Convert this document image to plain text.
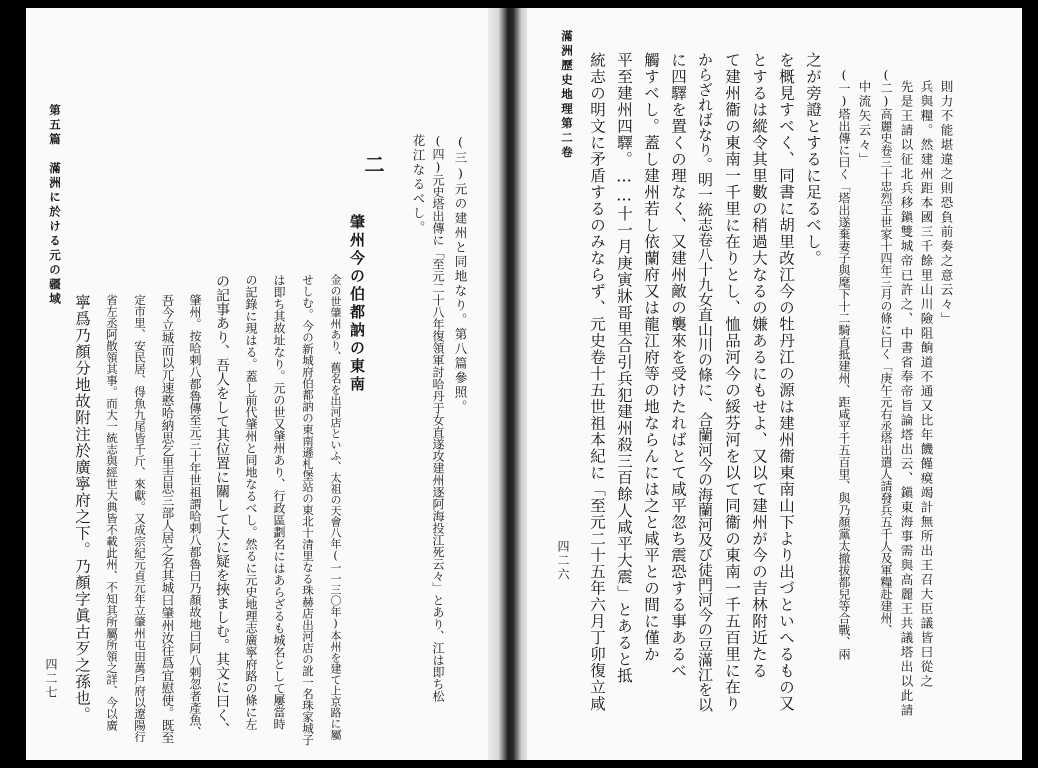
(三)元の建州と同地なり。第八篇參照。
(四)元史塔出傳に「至元二十八年復領軍討哈丹于女直遂攻建州逐阿海投江死云々」とあり、江は即ち松
花江なるべし。
二
肇州今の伯都訥の東南
金の世肇州あり、舊名を出河店といふ、太祖の天會八年(一一三〇年)本州を建て上京路に屬
せしむ。今の新城府伯都訥の東南遜札堡站の東北十清里なる珠赫店出河店の訛一名珠家城子
は即ち其故址なり。元の世又肇州あり、行政區劃名にはあらざるも城名として屢當時
の記錄に現はる。蓋し前代肇州と同地なるべし。然るに元史地理志廣寧府路の條に左
の記事あり、吾人をして其位置に關して大に疑を挾ましむ。其文に曰く、
肇州。按哈剌八都魯傳至元三十年世祖謂哈剌八都魯曰乃顏故地曰阿八剌忽者產魚、
吾今立城而以兀速憨哈納思乞里吉思三部人居之名其城曰肇州汝往爲宜慰使。既至
定市里、安民居、得魚九尾皆千斤、來獻。又成宗紀元貞元年立肇州屯田萬戶府以遼陽行
省左丞阿散領其事。而大一統志與經世大典皆不載此州、不知其所屬所領之詳、今以廣
寧爲乃顏分地故附注於廣寧府之下。乃顏字眞古歹之孫也。
第五篇　滿洲に於ける元の疆域
四二七
滿洲歷史地理第二卷
四二六 統志の明文に矛盾するのみならず、元史卷十五世祖本紀に「至元二十五年六月丁卯復立咸 平至建州四驛。……十一月庚寅牀哥里合引兵犯建州殺三百餘人咸平大震」とあると抵 觸すべし。蓋し建州若し依蘭府又は龍江府等の地ならんには之と咸平との間に僅か に四驛を置くの理なく、又建州敵の襲來を受けたればとて咸平忽ち震恐する事あるべ からざればなり。明一統志卷八十九女直山川の條に、合蘭河今の海蘭河及び徒門河今の豆滿江を以 て建州衞の東南一千里に在りとし、恤品河今の綏芬河を以て同衞の東南一千五百里に在り とするは縱令其里數の稍過大なるの嫌あるにもせよ、又以て建州が今の吉林附近たる を概見すべく、同書に胡里改江今の牡丹江の源は建州衞東南山下より出づといへるもの又 之が旁證とするに足るべし。 (一)塔出傳に曰く「塔出遂棄妻子與麾下十二騎直抵建州、距咸平千五百里、與乃顏黨太撤拔都兒等合戰、兩 中流矢云々」 (二)高麗史卷三十忠烈王世家十四年三月の條に曰く「庚午元右丞塔出遣人請發兵五千人及軍糧赴建州、 先是王請以征北兵移鎭雙城帝已許之、中書省奉帝旨論塔出云、鎭東海事需與高麗王共議塔出以此請 兵與糧。然建州距本國三千餘里山川險阻餉道不通又比年饑饉瘼竭計無所出王召大臣議皆曰從之 則力不能堪違之則恐負前奏之意云々」
